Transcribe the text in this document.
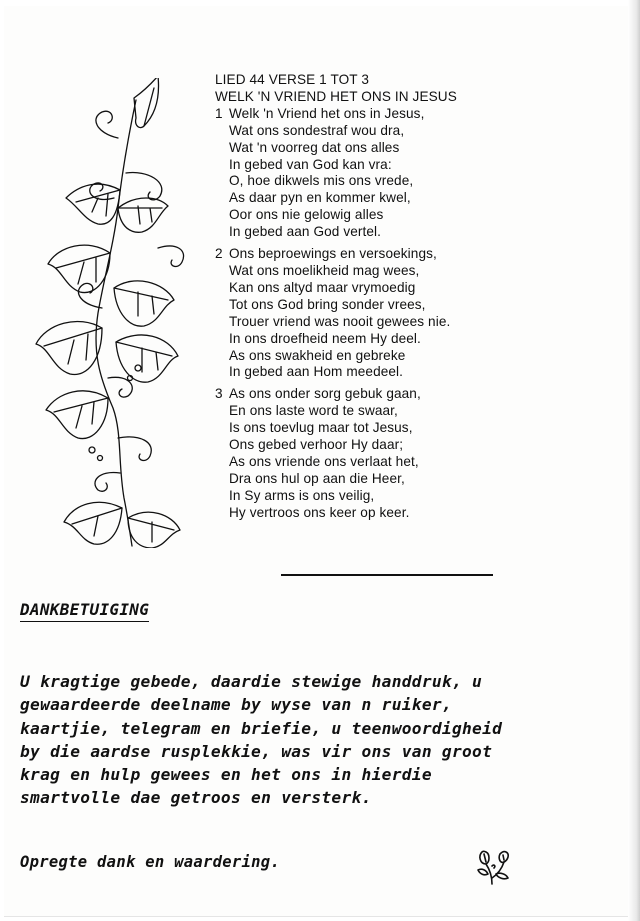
LIED 44 VERSE 1 TOT 3

WELK 'N VRIEND HET ONS IN JESUS

1 Welk 'n Vriend het ons in Jesus,
Wat ons sondestraf wou dra,
Wat 'n voorreg dat ons alles
In gebed van God kan vra:
O, hoe dikwels mis ons vrede,
As daar pyn en kommer kwel,
Oor ons nie gelowig alles
In gebed aan God vertel.
2 Ons beproewings en versoekings,
Wat ons moelikheid mag wees,
Kan ons altyd maar vrymoedig
Tot ons God bring sonder vrees,
Trouer vriend was nooit gewees nie.
In ons droefheid neem Hy deel.
As ons swakheid en gebreke
In gebed aan Hom meedeel.
3 As ons onder sorg gebuk gaan,
En ons laste word te swaar,
Is ons toevlug maar tot Jesus,
Ons gebed verhoor Hy daar;
As ons vriende ons verlaat het,
Dra ons hul op aan die Heer,
In Sy arms is ons veilig,
Hy vertroos ons keer op keer.
DANKBETUIGING
U kragtige gebede, daardie stewige handdruk, u
gewaardeerde deelname by wyse van n ruiker,
kaartjie, telegram en briefie, u teenwoordigheid
by die aardse rusplekkie, was vir ons van groot
krag en hulp gewees en het ons in hierdie
smartvolle dae getroos en versterk.
Opregte dank en waardering.
